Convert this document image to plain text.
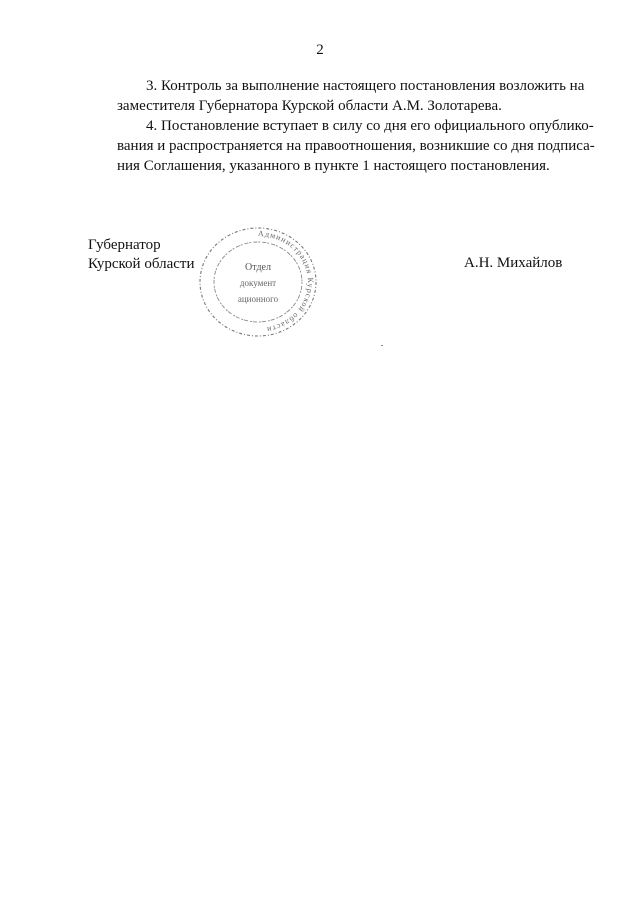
2

3. Контроль за выполнение настоящего постановления возложить на
заместителя Губернатора Курской области А.М. Золотарева.

4. Постановление вступает в силу со дня его официального опублико-
вания и распространяется на правоотношения, возникшие со дня подписа-
ния Соглашения, указанного в пункте 1 настоящего постановления.

Губернатор
Курской области	А.Н. Михайлов
Администрация Курской области
Отдел
документ
ационного
